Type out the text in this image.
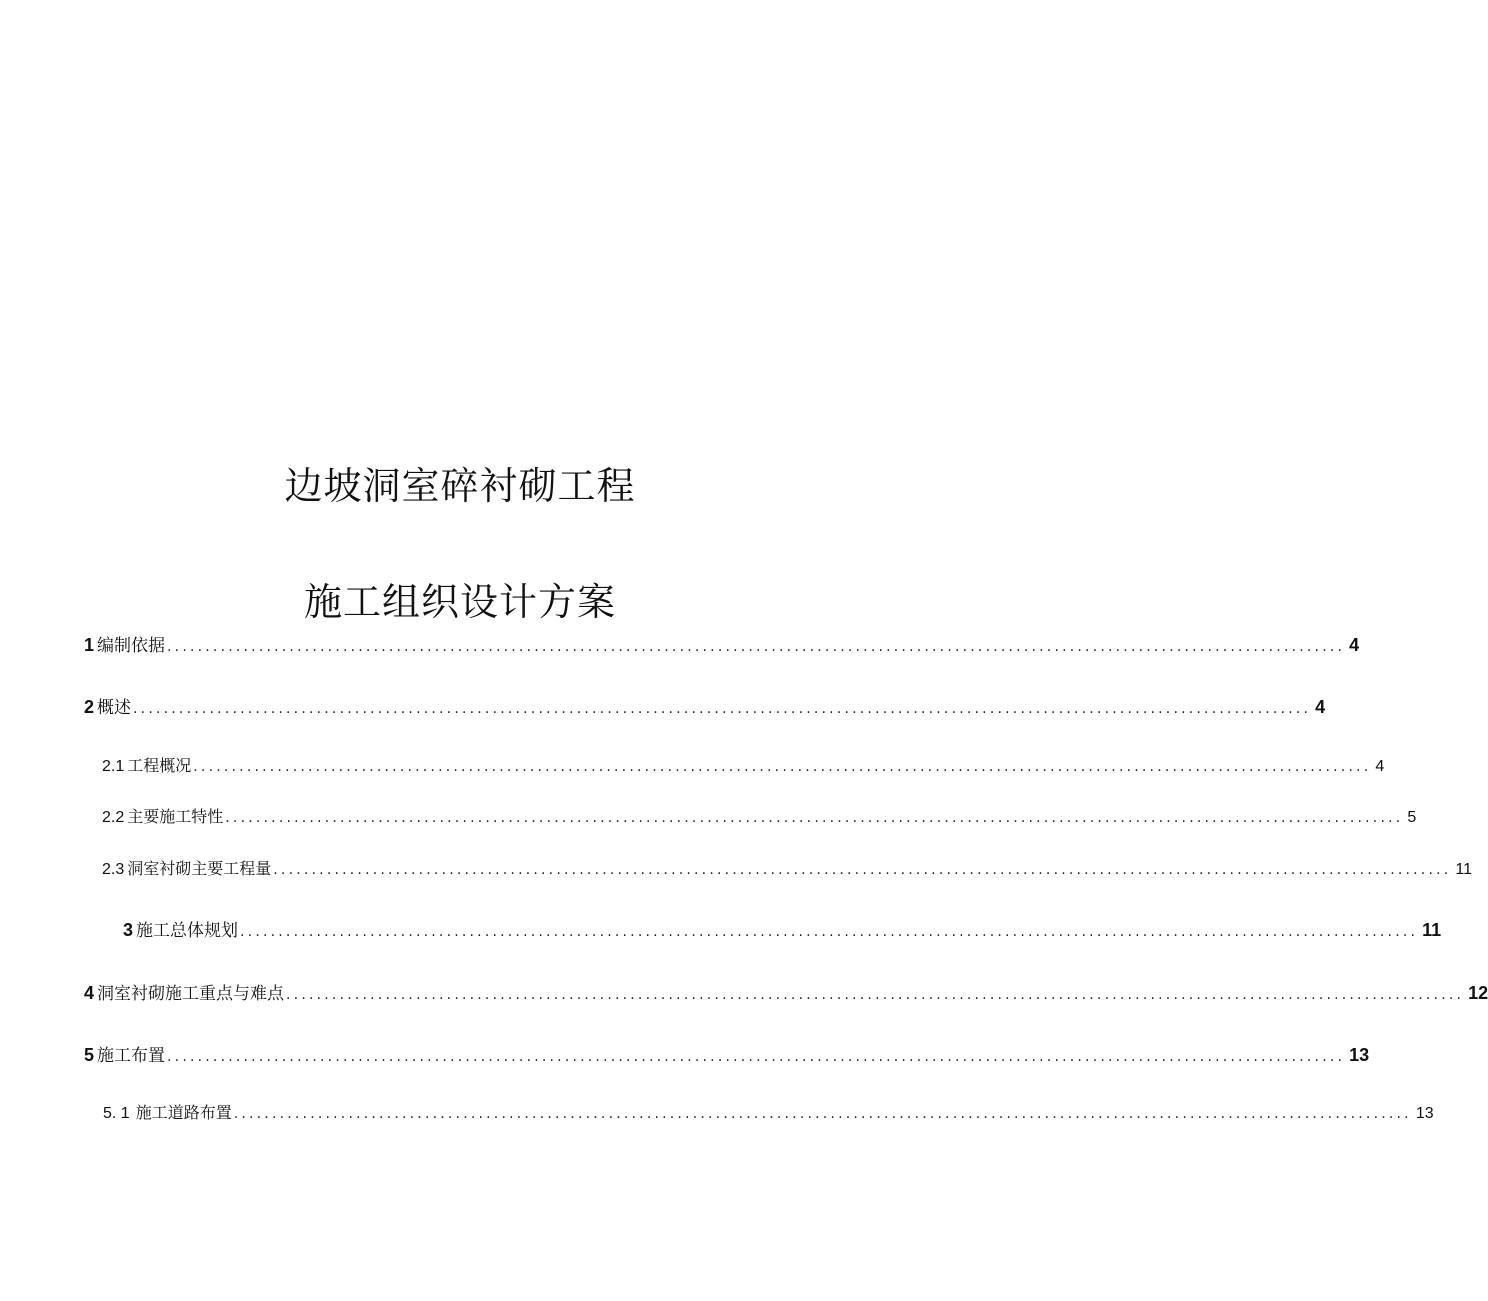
边坡洞室碎衬砌工程
施工组织设计方案
1 编制依据 .......................................................................................................................................................... 4
2 概述 .......................................................................................................................................................... 4
2.1 工程概况 .......................................................................................................................................................... 4
2.2 主要施工特性 .......................................................................................................................................................... 5
2.3 洞室衬砌主要工程量 .......................................................................................................................................................... 11
3 施工总体规划 .......................................................................................................................................................... 11
4 洞室衬砌施工重点与难点 .......................................................................................................................................................... 12
5 施工布置 .......................................................................................................................................................... 13
5. 1 施工道路布置 .......................................................................................................................................................... 13
